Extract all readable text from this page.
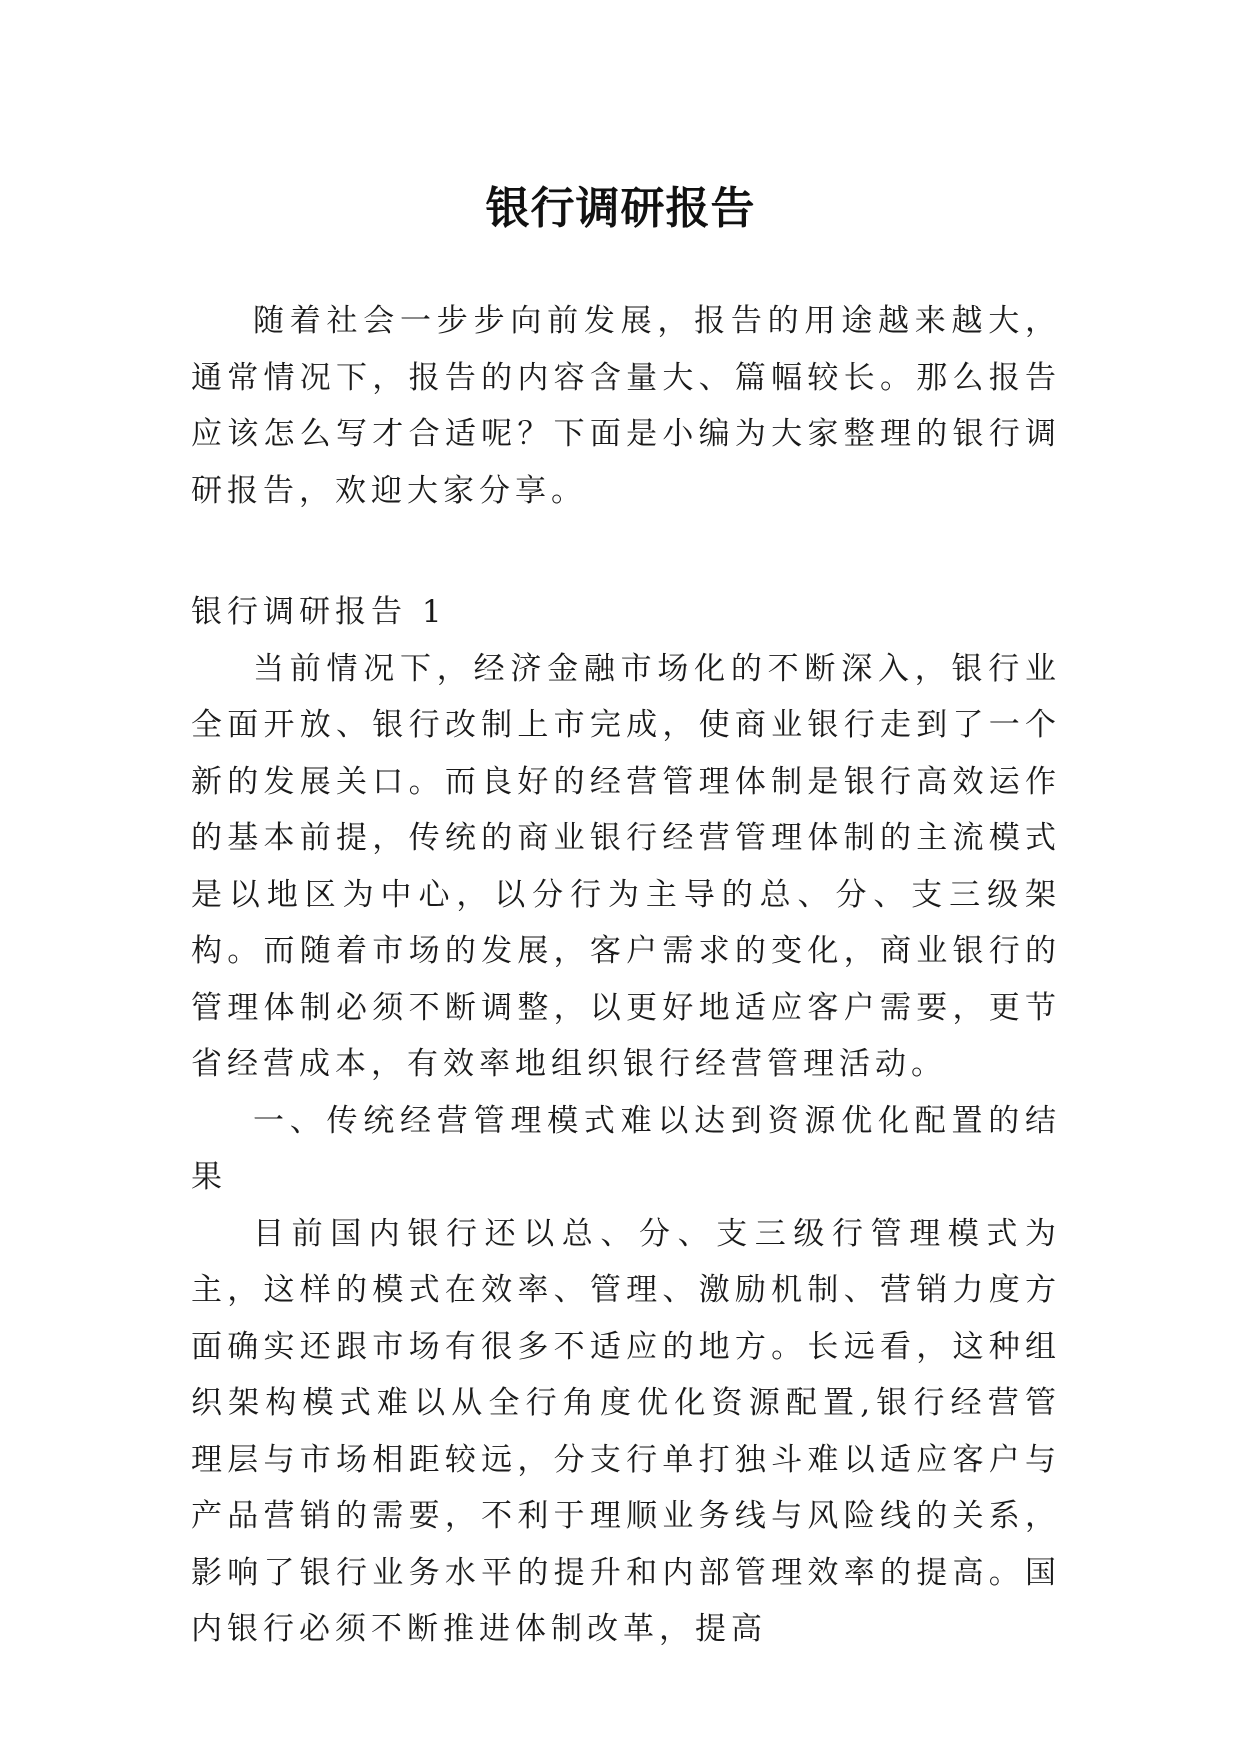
银行调研报告

随着社会一步步向前发展，报告的用途越来越大，通常情况下，报告的内容含量大、篇幅较长。那么报告应该怎么写才合适呢？下面是小编为大家整理的银行调研报告，欢迎大家分享。

银行调研报告 1

当前情况下，经济金融市场化的不断深入，银行业全面开放、银行改制上市完成，使商业银行走到了一个新的发展关口。而良好的经营管理体制是银行高效运作的基本前提，传统的商业银行经营管理体制的主流模式是以地区为中心，以分行为主导的总、分、支三级架构。而随着市场的发展，客户需求的变化，商业银行的管理体制必须不断调整，以更好地适应客户需要，更节省经营成本，有效率地组织银行经营管理活动。

一、传统经营管理模式难以达到资源优化配置的结果

目前国内银行还以总、分、支三级行管理模式为主，这样的模式在效率、管理、激励机制、营销力度方面确实还跟市场有很多不适应的地方。长远看，这种组织架构模式难以从全行角度优化资源配置,银行经营管理层与市场相距较远，分支行单打独斗难以适应客户与产品营销的需要，不利于理顺业务线与风险线的关系，影响了银行业务水平的提升和内部管理效率的提高。国内银行必须不断推进体制改革，提高
